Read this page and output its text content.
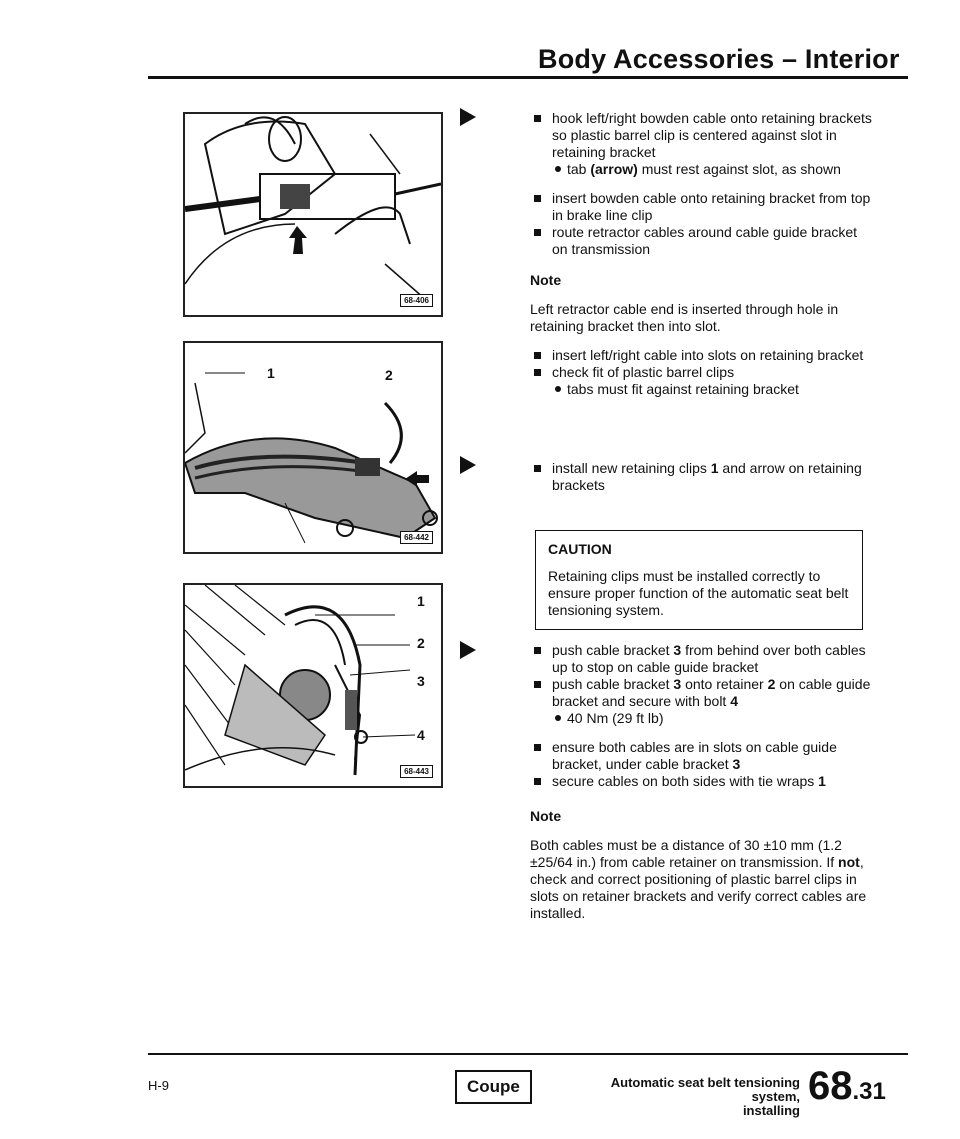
Body Accessories – Interior
68-406
1	2
68-442
1
2
3
4
68-443
hook left/right bowden cable onto retaining brackets so plastic barrel clip is centered against slot in retaining bracket
tab (arrow) must rest against slot, as shown
insert bowden cable onto retaining bracket from top in brake line clip
route retractor cables around cable guide bracket on transmission
Note
Left retractor cable end is inserted through hole in retaining bracket then into slot.
insert left/right cable into slots on retaining bracket
check fit of plastic barrel clips
tabs must fit against retaining bracket
install new retaining clips 1 and arrow on retaining brackets
CAUTION
Retaining clips must be installed correctly to ensure proper function of the automatic seat belt tensioning system.
push cable bracket 3 from behind over both cables up to stop on cable guide bracket
push cable bracket 3 onto retainer 2 on cable guide bracket and secure with bolt 4
40 Nm (29 ft lb)
ensure both cables are in slots on cable guide bracket, under cable bracket 3
secure cables on both sides with tie wraps 1
Note
Both cables must be a distance of 30 ±10 mm (1.2 ±25/64 in.) from cable retainer on transmission. If not, check and correct positioning of plastic barrel clips in slots on retainer brackets and verify correct cables are installed.
H-9	Coupe	Automatic seat belt tensioning system,
installing
68.31
